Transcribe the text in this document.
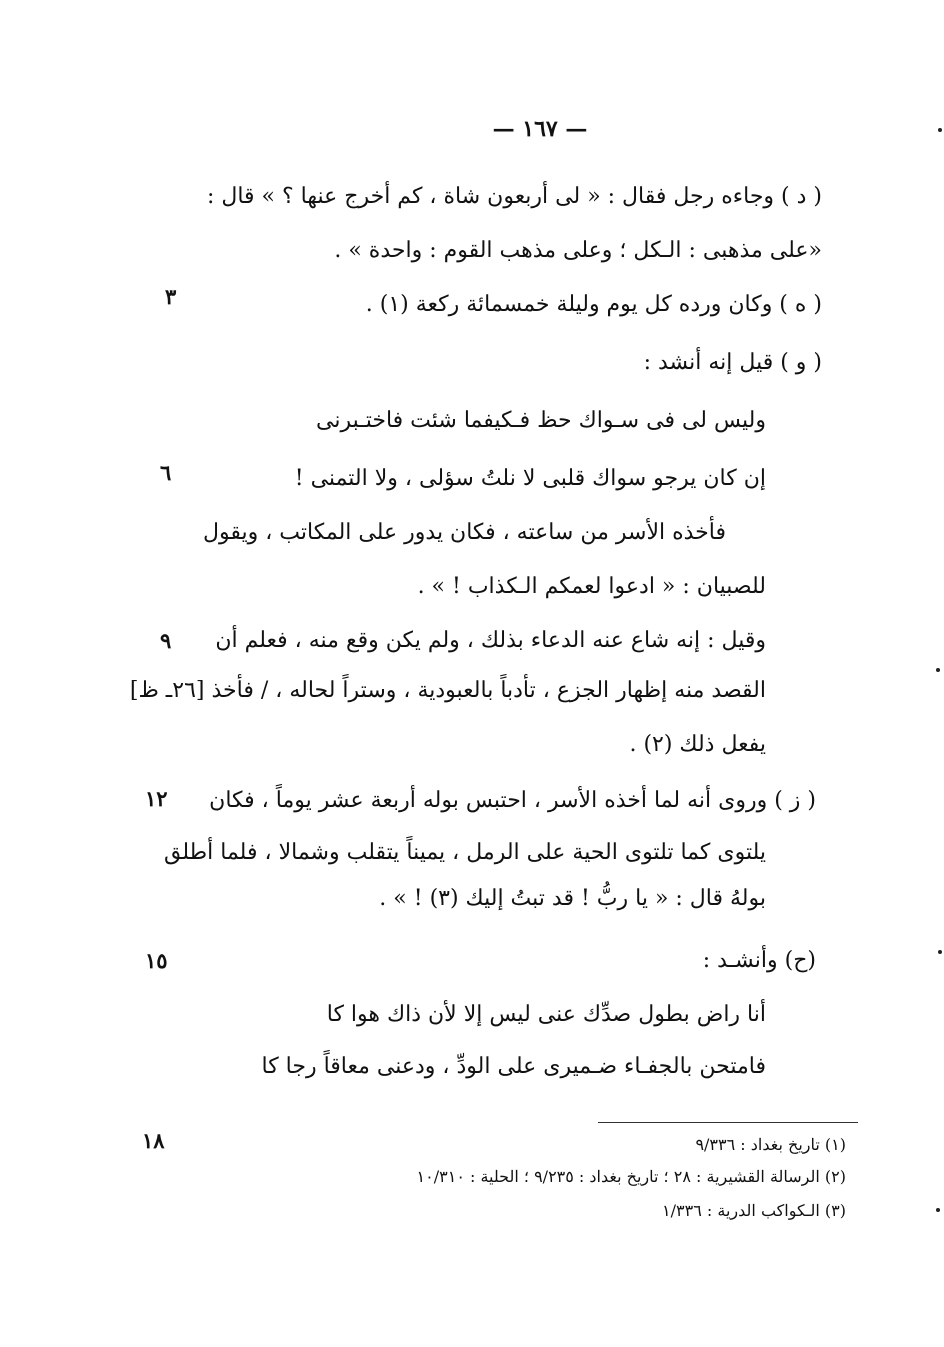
— ١٦٧ —
( د ) وجاءه رجل فقال : « لى أربعون شاة ، كم أخرج عنها ؟ » قال :
«على مذهبى : الـكل ؛ وعلى مذهب القوم : واحدة » .
( ه ) وكان ورده كل يوم وليلة خمسمائة ركعة (١) .
( و ) قيل إنه أنشد :
وليس لى فى سـواك حظ فـكيفما شئت فاختـبرنى
إن كان يرجو سواك قلبى لا نلتُ سؤلى ، ولا التمنى !
فأخذه الأسر من ساعته ، فكان يدور على المكاتب ، ويقول
للصبيان : « ادعوا لعمكم الـكذاب ! » .
وقيل : إنه شاع عنه الدعاء بذلك ، ولم يكن وقع منه ، فعلم أن
القصد منه إظهار الجزع ، تأدباً بالعبودية ، وستراً لحاله ، / فأخذ [٢٦ـ ظ]
يفعل ذلك (٢) .
( ز ) وروى أنه لما أخذه الأسر ، احتبس بوله أربعة عشر يوماً ، فكان
يلتوى كما تلتوى الحية على الرمل ، يميناً يتقلب وشمالا ، فلما أطلق
بولهُ قال : « يا ربُّ ! قد تبتُ إليك (٣) ! » .
(ح) وأنشـد :
أنا راض بطول صدِّك عنى ليس إلا لأن ذاك هوا كا
فامتحن بالجفـاء ضـميرى على الودِّ ، ودعنى معاقاً رجا كا
٣
٦
٩
١٢
١٥
١٨	(١) تاريخ بغداد : ٩/٣٣٦
(٢) الرسالة القشيرية : ٢٨ ؛ تاريخ بغداد : ٩/٢٣٥ ؛ الحلية : ١٠/٣١٠
(٣) الـكواكب الدرية : ١/٣٣٦
